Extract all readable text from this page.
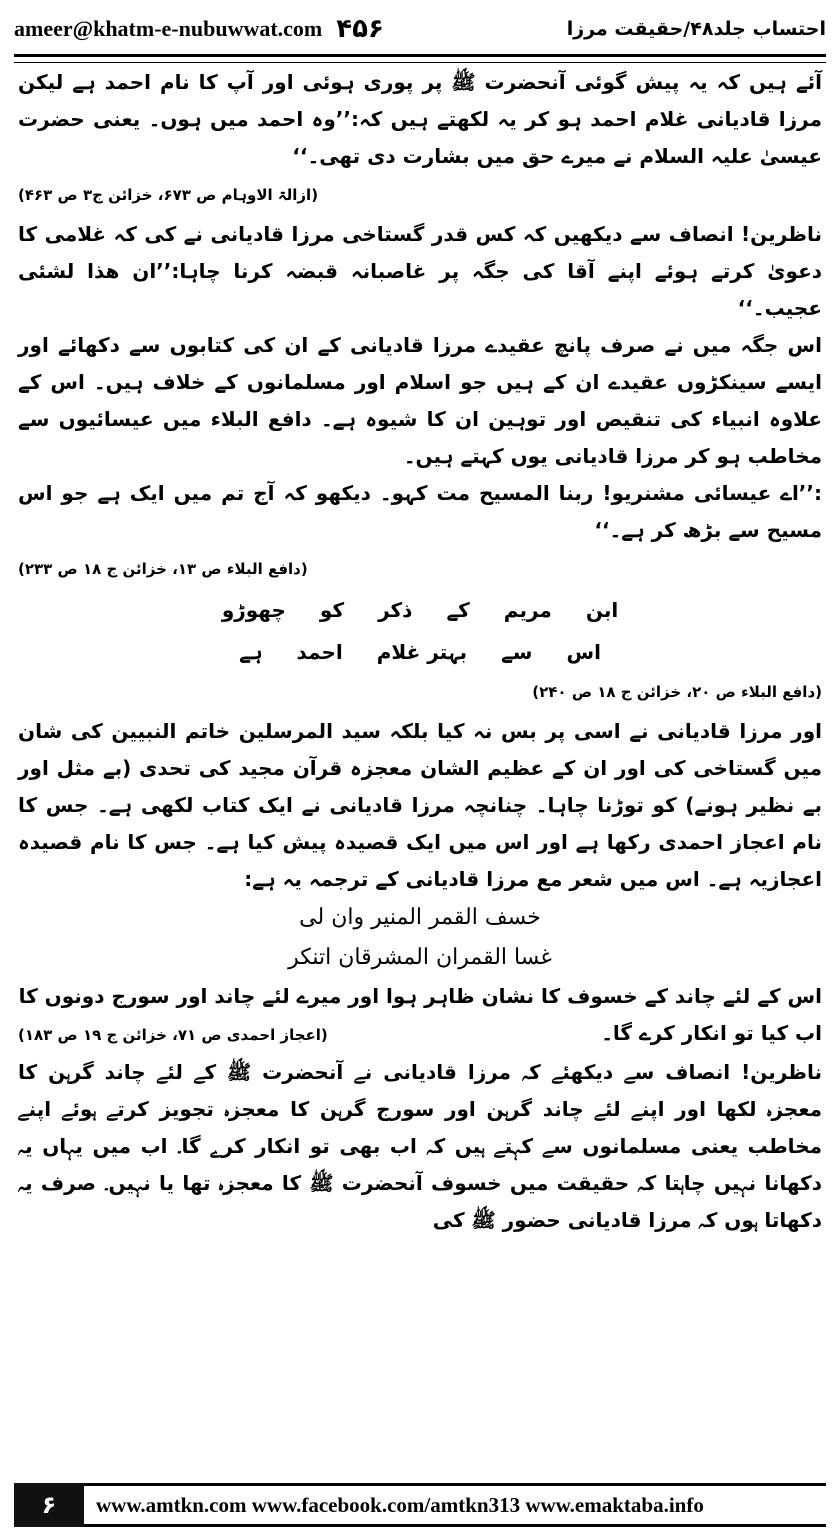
ameer@khatm-e-nubuwwat.com ۴۵۶	احتساب جلد۴۸/حقیقت مرزا

آئے ہیں کہ یہ پیش گوئی آنحضرت ﷺ پر پوری ہوئی اور آپ کا نام احمد ہے لیکن مرزا قادیانی غلام احمد ہو کر یہ لکھتے ہیں کہ:’’وہ احمد میں ہوں۔ یعنی حضرت عیسیٰ علیہ السلام نے میرے حق میں بشارت دی تھی۔‘‘

(ازالۃ الاوہام ص ۶۷۳، خزائن ج۳ ص ۴۶۳)

ناظرین! انصاف سے دیکھیں کہ کس قدر گستاخی مرزا قادیانی نے کی کہ غلامی کا دعویٰ کرتے ہوئے اپنے آقا کی جگہ پر غاصبانہ قبضہ کرنا چاہا:’’ان ھذا لشئی عجیب۔‘‘

اس جگہ میں نے صرف پانچ عقیدے مرزا قادیانی کے ان کی کتابوں سے دکھائے اور ایسے سینکڑوں عقیدے ان کے ہیں جو اسلام اور مسلمانوں کے خلاف ہیں۔ اس کے علاوہ انبیاء کی تنقیص اور توہین ان کا شیوہ ہے۔ دافع البلاء میں عیسائیوں سے مخاطب ہو کر مرزا قادیانی یوں کہتے ہیں۔

:’’اے عیسائی مشنریو! ربنا المسیح مت کہو۔ دیکھو کہ آج تم میں ایک ہے جو اس مسیح سے بڑھ کر ہے۔‘‘

(دافع البلاء ص ۱۳، خزائن ج ۱۸ ص ۲۳۳)
ابن
مریم
کے
ذکر
کو
چھوڑو
اس
سے
بہتر غلام
احمد
ہے
(دافع البلاء ص ۲۰، خزائن ج ۱۸ ص ۲۴۰)

اور مرزا قادیانی نے اسی پر بس نہ کیا بلکہ سید المرسلین خاتم النبیین کی شان میں گستاخی کی اور ان کے عظیم الشان معجزہ قرآن مجید کی تحدی (بے مثل اور بے نظیر ہونے) کو توڑنا چاہا۔ چنانچہ مرزا قادیانی نے ایک کتاب لکھی ہے۔ جس کا نام اعجاز احمدی رکھا ہے اور اس میں ایک قصیدہ پیش کیا ہے۔ جس کا نام قصیدہ اعجازیہ ہے۔ اس میں شعر مع مرزا قادیانی کے ترجمہ یہ ہے:

خسف القمر المنیر وان لی
غسا القمران المشرقان اتنکر

اس کے لئے چاند کے خسوف کا نشان ظاہر ہوا اور میرے لئے چاند اور سورج دونوں کا

اب کیا تو انکار کرے گا۔
(اعجاز احمدی ص ۷۱، خزائن ج ۱۹ ص ۱۸۳)

ناظرین! انصاف سے دیکھئے کہ مرزا قادیانی نے آنحضرت ﷺ کے لئے چاند گرہن کا معجزہ لکھا اور اپنے لئے چاند گرہن اور سورج گرہن کا معجزہ تجویز کرتے ہوئے اپنے مخاطب یعنی مسلمانوں سے کہتے ہیں کہ اب بھی تو انکار کرے گا۔ اب میں یہاں یہ دکھانا نہیں چاہتا کہ حقیقت میں خسوف آنحضرت ﷺ کا معجزہ تھا یا نہیں۔ صرف یہ دکھاتا ہوں کہ مرزا قادیانی حضور ﷺ کی

۶	www.amtkn.com www.facebook.com/amtkn313 www.emaktaba.info
